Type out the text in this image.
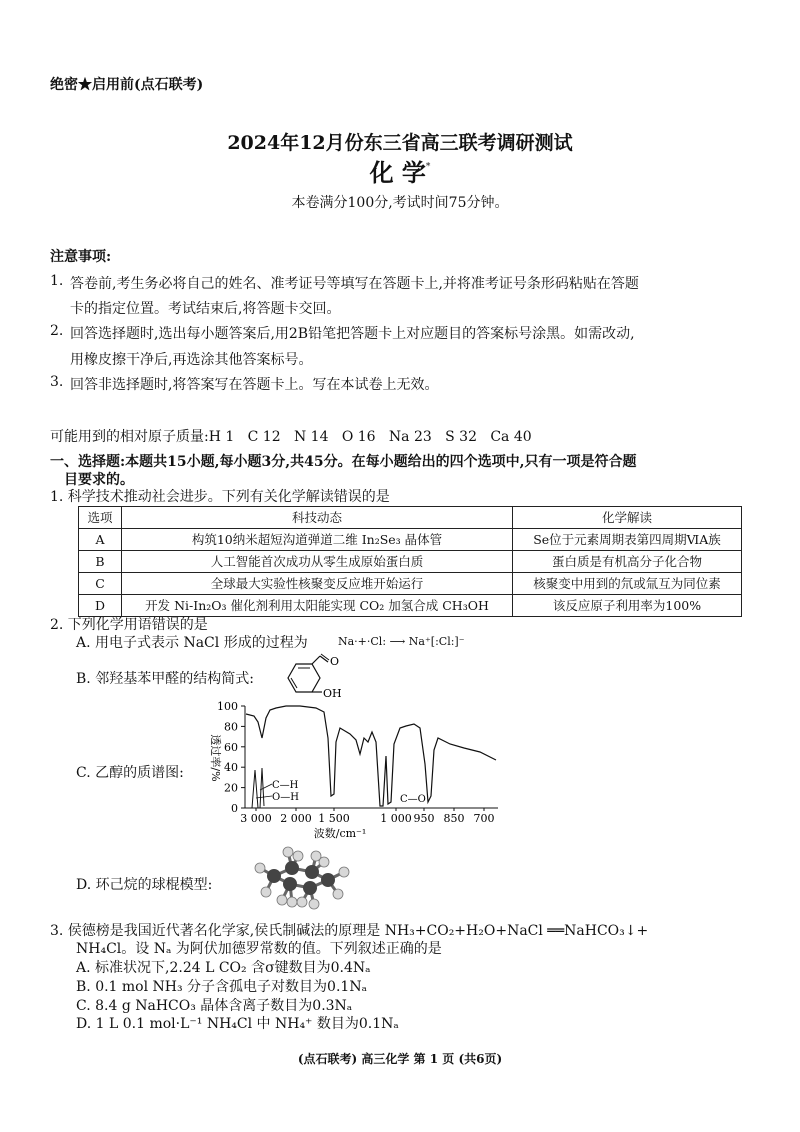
绝密★启用前(点石联考)
2024年12月份东三省高三联考调研测试
化 学*
本卷满分100分,考试时间75分钟。
注意事项:
1. 答卷前,考生务必将自己的姓名、准考证号等填写在答题卡上,并将准考证号条形码粘贴在答题
卡的指定位置。考试结束后,将答题卡交回。
2. 回答选择题时,选出每小题答案后,用2B铅笔把答题卡上对应题目的答案标号涂黑。如需改动,
用橡皮擦干净后,再选涂其他答案标号。
3. 回答非选择题时,将答案写在答题卡上。写在本试卷上无效。
可能用到的相对原子质量:H 1   C 12   N 14   O 16   Na 23   S 32   Ca 40
一、选择题:本题共15小题,每小题3分,共45分。在每小题给出的四个选项中,只有一项是符合题
目要求的。
1. 科学技术推动社会进步。下列有关化学解读错误的是
选项	科技动态	化学解读
A	构筑10纳米超短沟道弹道二维 In₂Se₃ 晶体管	Se位于元素周期表第四周期ⅥA族
B	人工智能首次成功从零生成原始蛋白质	蛋白质是有机高分子化合物
C	全球最大实验性核聚变反应堆开始运行	核聚变中用到的氘或氚互为同位素
D	开发 Ni-In₂O₃ 催化剂利用太阳能实现 CO₂ 加氢合成 CH₃OH	该反应原子利用率为100%
2. 下列化学用语错误的是
A. 用电子式表示 NaCl 形成的过程为	Na·+·Cl: ⟶ Na⁺[:Cl:]⁻
B. 邻羟基苯甲醛的结构简式:
O
OH
C. 乙醇的质谱图:
100
80
60
40
20
0
3 000 2 000 1 500	1 000 950 850 700
透过率/%
波数/cm⁻¹
C—H
O—H	C—O
D. 环己烷的球棍模型:
3. 侯德榜是我国近代著名化学家,侯氏制碱法的原理是 NH₃+CO₂+H₂O+NaCl ══NaHCO₃↓+
NH₄Cl。设 Nₐ 为阿伏加德罗常数的值。下列叙述正确的是
A. 标准状况下,2.24 L CO₂ 含σ键数目为0.4Nₐ
B. 0.1 mol NH₃ 分子含孤电子对数目为0.1Nₐ
C. 8.4 g NaHCO₃ 晶体含离子数目为0.3Nₐ
D. 1 L 0.1 mol·L⁻¹ NH₄Cl 中 NH₄⁺ 数目为0.1Nₐ
(点石联考) 高三化学 第 1 页 (共6页)
